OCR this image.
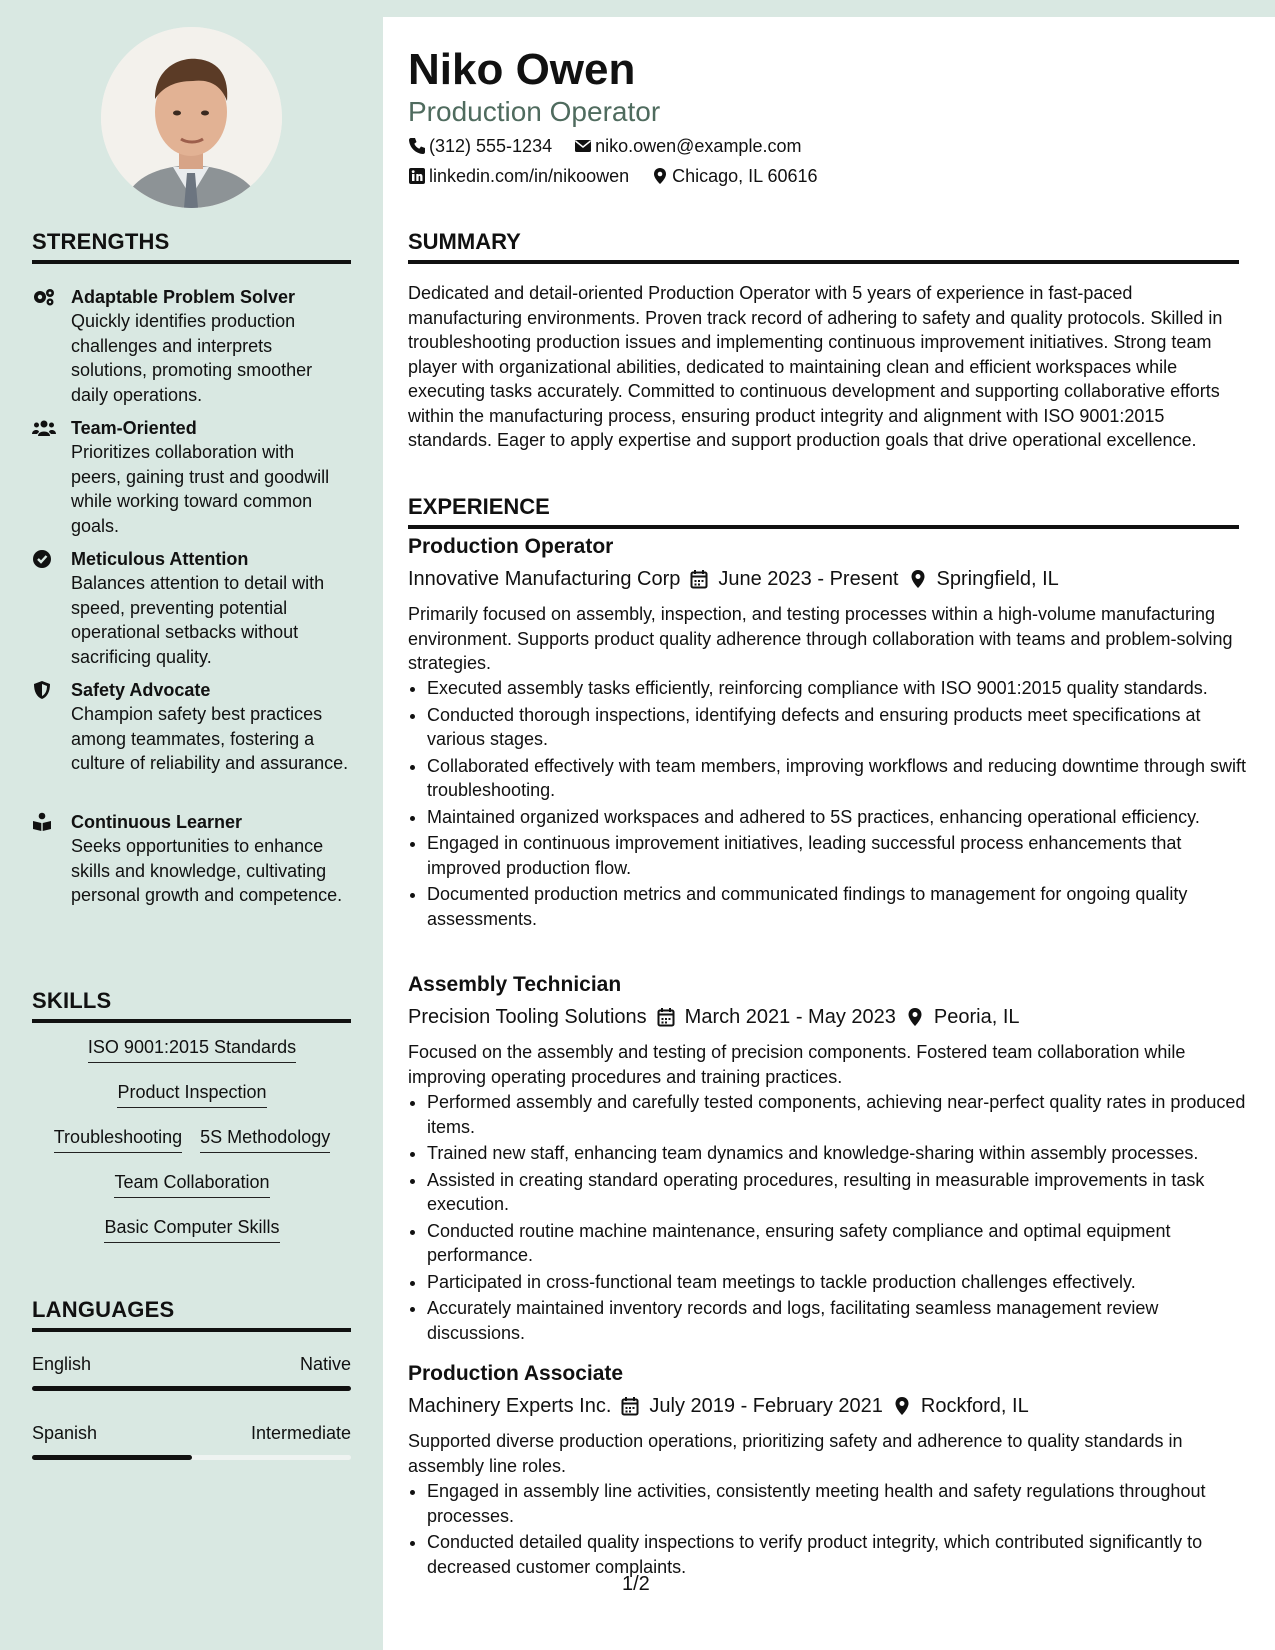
STRENGTHS
Adaptable Problem Solver
Quickly identifies production challenges and interprets solutions, promoting smoother daily operations.
Team-Oriented
Prioritizes collaboration with peers, gaining trust and goodwill while working toward common goals.
Meticulous Attention
Balances attention to detail with speed, preventing potential operational setbacks without sacrificing quality.
Safety Advocate
Champion safety best practices among teammates, fostering a culture of reliability and assurance.
Continuous Learner
Seeks opportunities to enhance skills and knowledge, cultivating personal growth and competence.
SKILLS
ISO 9001:2015 Standards
Product Inspection
Troubleshooting 5S Methodology
Team Collaboration
Basic Computer Skills
LANGUAGES
English	Native
Spanish	Intermediate
Niko Owen
Production Operator
(312) 555-1234 niko.owen@example.com
linkedin.com/in/nikoowen Chicago, IL 60616
SUMMARY
Dedicated and detail-oriented Production Operator with 5 years of experience in fast-paced manufacturing environments. Proven track record of adhering to safety and quality protocols. Skilled in troubleshooting production issues and implementing continuous improvement initiatives. Strong team player with organizational abilities, dedicated to maintaining clean and efficient workspaces while executing tasks accurately. Committed to continuous development and supporting collaborative efforts within the manufacturing process, ensuring product integrity and alignment with ISO 9001:2015 standards. Eager to apply expertise and support production goals that drive operational excellence.
EXPERIENCE
Production Operator
Innovative Manufacturing Corp June 2023 - Present Springfield, IL
Primarily focused on assembly, inspection, and testing processes within a high-volume manufacturing environment. Supports product quality adherence through collaboration with teams and problem-solving strategies.
• Executed assembly tasks efficiently, reinforcing compliance with ISO 9001:2015 quality standards.
• Conducted thorough inspections, identifying defects and ensuring products meet specifications at various stages.
• Collaborated effectively with team members, improving workflows and reducing downtime through swift troubleshooting.
• Maintained organized workspaces and adhered to 5S practices, enhancing operational efficiency.
• Engaged in continuous improvement initiatives, leading successful process enhancements that improved production flow.
• Documented production metrics and communicated findings to management for ongoing quality assessments.
Assembly Technician
Precision Tooling Solutions March 2021 - May 2023 Peoria, IL
Focused on the assembly and testing of precision components. Fostered team collaboration while improving operating procedures and training practices.
• Performed assembly and carefully tested components, achieving near-perfect quality rates in produced items.
• Trained new staff, enhancing team dynamics and knowledge-sharing within assembly processes.
• Assisted in creating standard operating procedures, resulting in measurable improvements in task execution.
• Conducted routine machine maintenance, ensuring safety compliance and optimal equipment performance.
• Participated in cross-functional team meetings to tackle production challenges effectively.
• Accurately maintained inventory records and logs, facilitating seamless management review discussions.
Production Associate
Machinery Experts Inc. July 2019 - February 2021 Rockford, IL
Supported diverse production operations, prioritizing safety and adherence to quality standards in assembly line roles.
• Engaged in assembly line activities, consistently meeting health and safety regulations throughout processes.
• Conducted detailed quality inspections to verify product integrity, which contributed significantly to decreased customer complaints.
1/2
